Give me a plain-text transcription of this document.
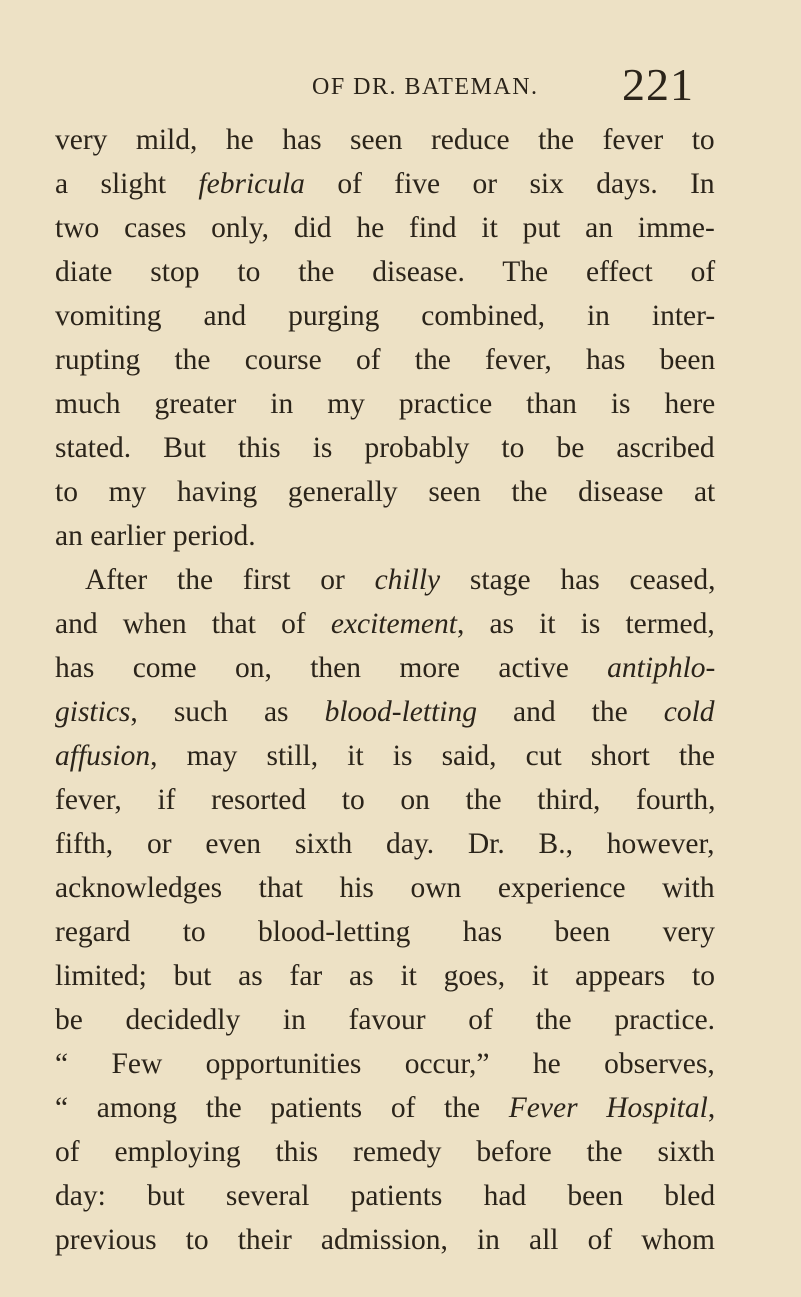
OF DR. BATEMAN. 221
very mild, he has seen reduce the fever to
a slight febricula of five or six days. In
two cases only, did he find it put an imme-
diate stop to the disease. The effect of
vomiting and purging combined, in inter-
rupting the course of the fever, has been
much greater in my practice than is here
stated. But this is probably to be ascribed
to my having generally seen the disease at
an earlier period.
After the first or chilly stage has ceased,
and when that of excitement, as it is termed,
has come on, then more active antiphlo-
gistics, such as blood-letting and the cold
affusion, may still, it is said, cut short the
fever, if resorted to on the third, fourth,
fifth, or even sixth day. Dr. B., however,
acknowledges that his own experience with
regard to blood-letting has been very
limited; but as far as it goes, it appears to
be decidedly in favour of the practice.
“ Few opportunities occur,” he observes,
“ among the patients of the Fever Hospital,
of employing this remedy before the sixth
day: but several patients had been bled
previous to their admission, in all of whom
